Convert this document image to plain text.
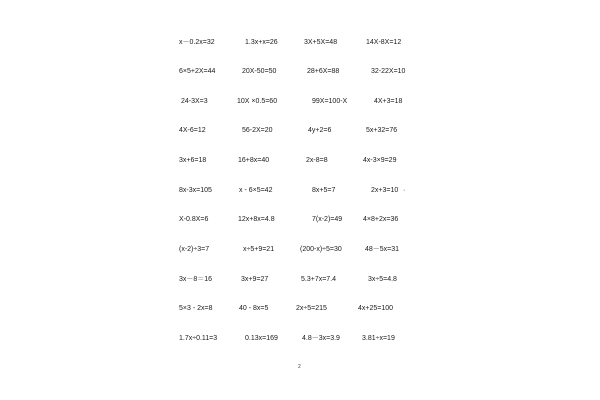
x－0.2x=32	1.3x+x=26	3X+5X=48	14X-8X=12
6×5+2X=44	20X-50=50	28+6X=88	32-22X=10
24-3X=3	10X ×0.5=60	99X=100-X	4X+3=18
4X-6=12	56-2X=20	4y+2=6	5x+32=76
3x+6=18	16+8x=40	2x-8=8	4x-3×9=29
8x-3x=105	x - 6×5=42	8x+5=7	2x+3=10
X-0.8X=6	12x+8x=4.8	7(x-2)=49	4×8+2x=36
(x-2)÷3=7	x÷5+9=21	(200-x)÷5=30	48－5x=31
3x－8＝16	3x+9=27	5.3+7x=7.4	3x÷5=4.8
5×3 - 2x=8	40 - 8x=5	2x÷5=215	4x+25=100
1.7x÷0.11=3	0.13x=169	4.8－3x=3.9	3.81÷x=19
·
2
